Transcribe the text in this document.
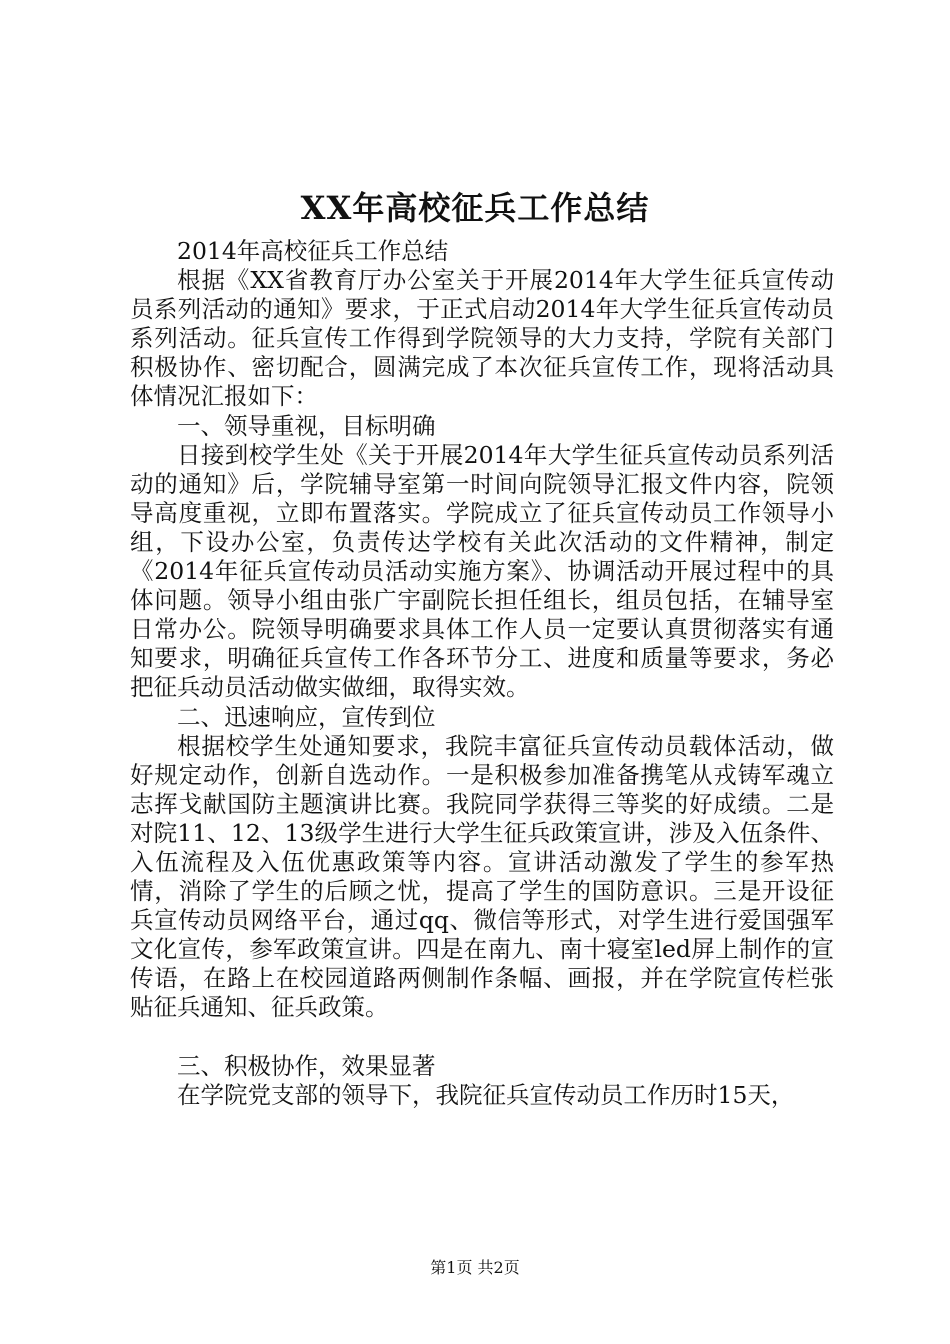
XX年高校征兵工作总结

2014年高校征兵工作总结

根据《XX省教育厅办公室关于开展2014年大学生征兵宣传动员系列活动的通知》要求，于正式启动2014年大学生征兵宣传动员系列活动。征兵宣传工作得到学院领导的大力支持，学院有关部门积极协作、密切配合，圆满完成了本次征兵宣传工作，现将活动具体情况汇报如下：

一、领导重视，目标明确

日接到校学生处《关于开展2014年大学生征兵宣传动员系列活动的通知》后，学院辅导室第一时间向院领导汇报文件内容，院领导高度重视，立即布置落实。学院成立了征兵宣传动员工作领导小组，下设办公室，负责传达学校有关此次活动的文件精神，制定《2014年征兵宣传动员活动实施方案》、协调活动开展过程中的具体问题。领导小组由张广宇副院长担任组长，组员包括，在辅导室日常办公。院领导明确要求具体工作人员一定要认真贯彻落实有通知要求，明确征兵宣传工作各环节分工、进度和质量等要求，务必把征兵动员活动做实做细，取得实效。

二、迅速响应，宣传到位

根据校学生处通知要求，我院丰富征兵宣传动员载体活动，做好规定动作，创新自选动作。一是积极参加准备携笔从戎铸军魂立志挥戈献国防主题演讲比赛。我院同学获得三等奖的好成绩。二是对院11、12、13级学生进行大学生征兵政策宣讲，涉及入伍条件、入伍流程及入伍优惠政策等内容。宣讲活动激发了学生的参军热情，消除了学生的后顾之忧，提高了学生的国防意识。三是开设征兵宣传动员网络平台，通过qq、微信等形式，对学生进行爱国强军文化宣传，参军政策宣讲。四是在南九、南十寝室led屏上制作的宣传语，在路上在校园道路两侧制作条幅、画报，并在学院宣传栏张贴征兵通知、征兵政策。

三、积极协作，效果显著

在学院党支部的领导下，我院征兵宣传动员工作历时15天，

第1页 共2页
